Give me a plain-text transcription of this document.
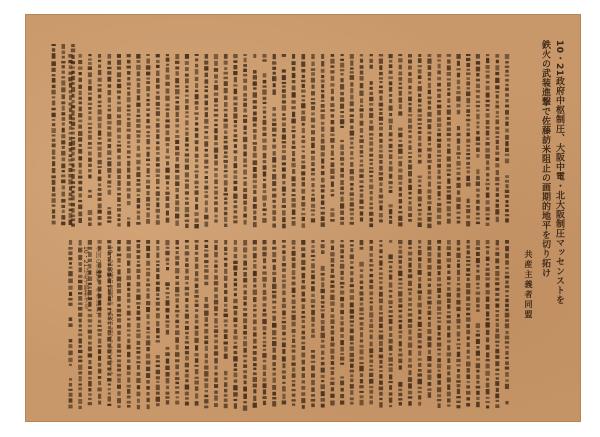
10・21政府中枢制圧、大阪中電・北大阪制圧マッセンストを
鉄火の武装進撃で佐藤訪米阻止の画期的地平を切り拓け
共産主義者同盟
10・21政府中枢制圧、大阪中電マッセンストへ
全国の労働者、学生諸君!
10・21は必ず勝利する。
